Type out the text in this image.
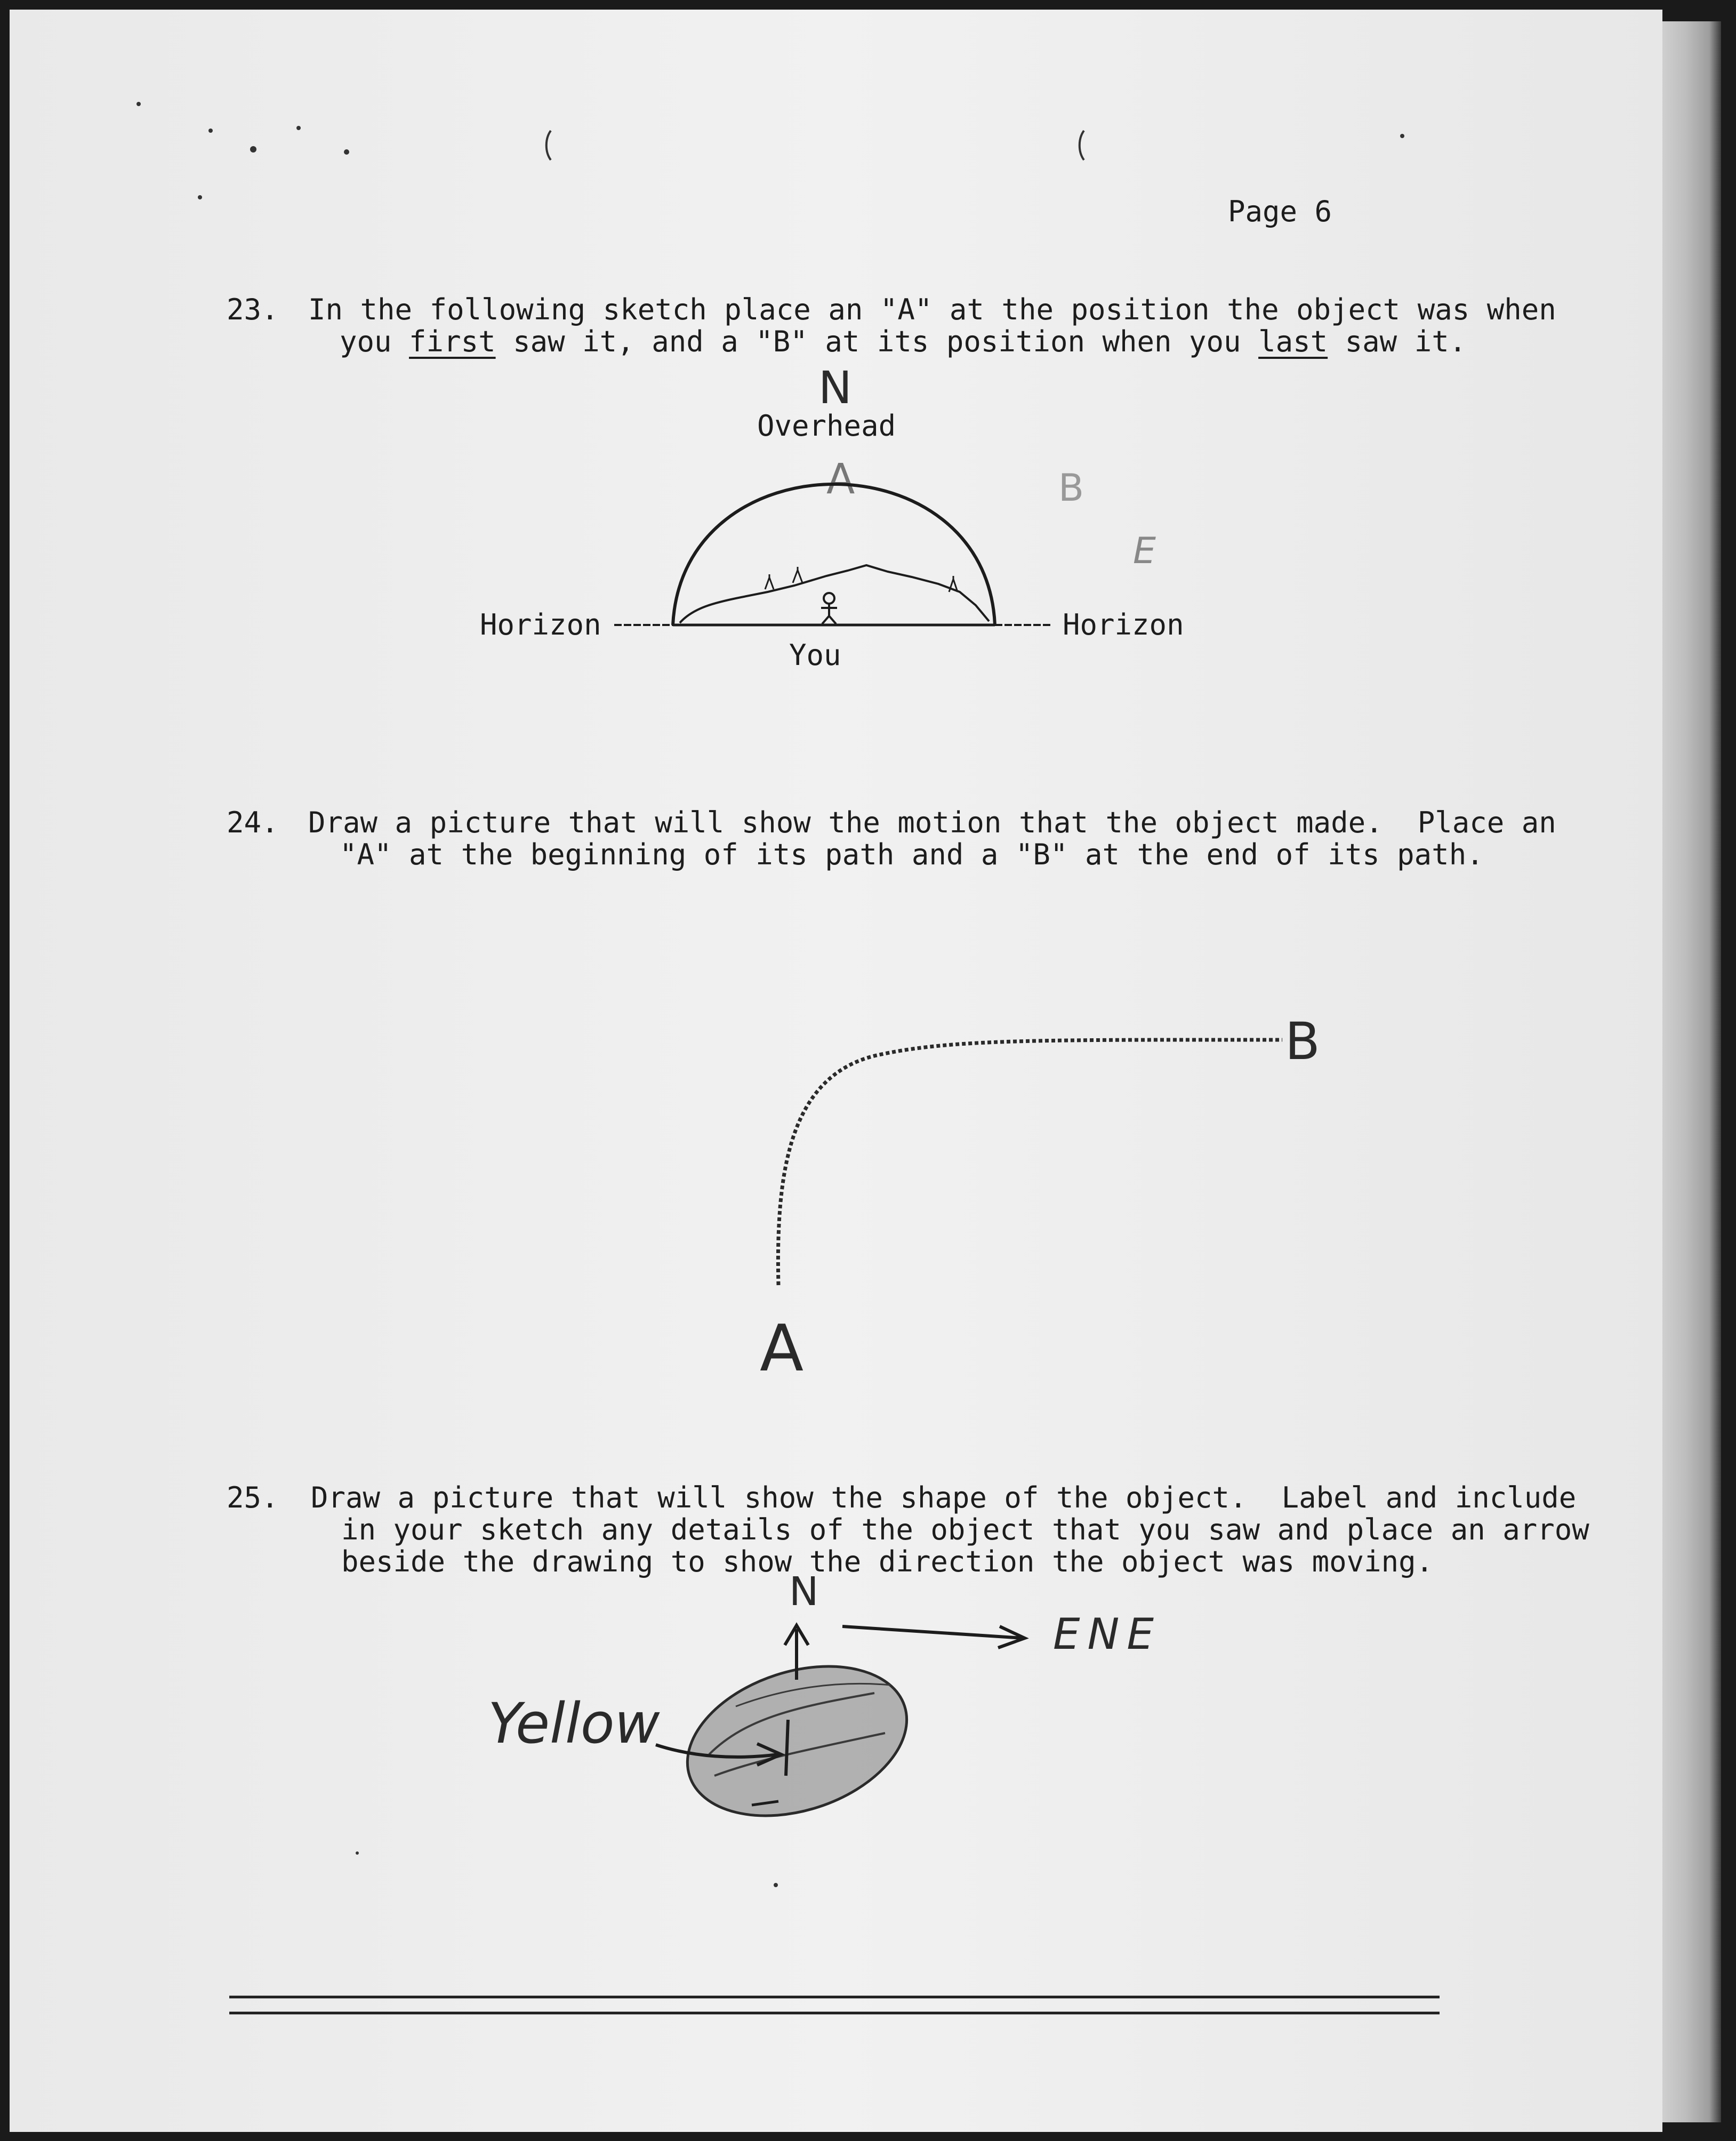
Page 6
23. In the following sketch place an "A" at the position the object was when
you first saw it, and a "B" at its position when you last saw it.
Overhead
Horizon	Horizon
You
N
A	B
E
24. Draw a picture that will show the motion that the object made.  Place an
"A" at the beginning of its path and a "B" at the end of its path.
A
B
25. Draw a picture that will show the shape of the object.  Label and include
in your sketch any details of the object that you saw and place an arrow
beside the drawing to show the direction the object was moving.
N
ENE
Yellow
